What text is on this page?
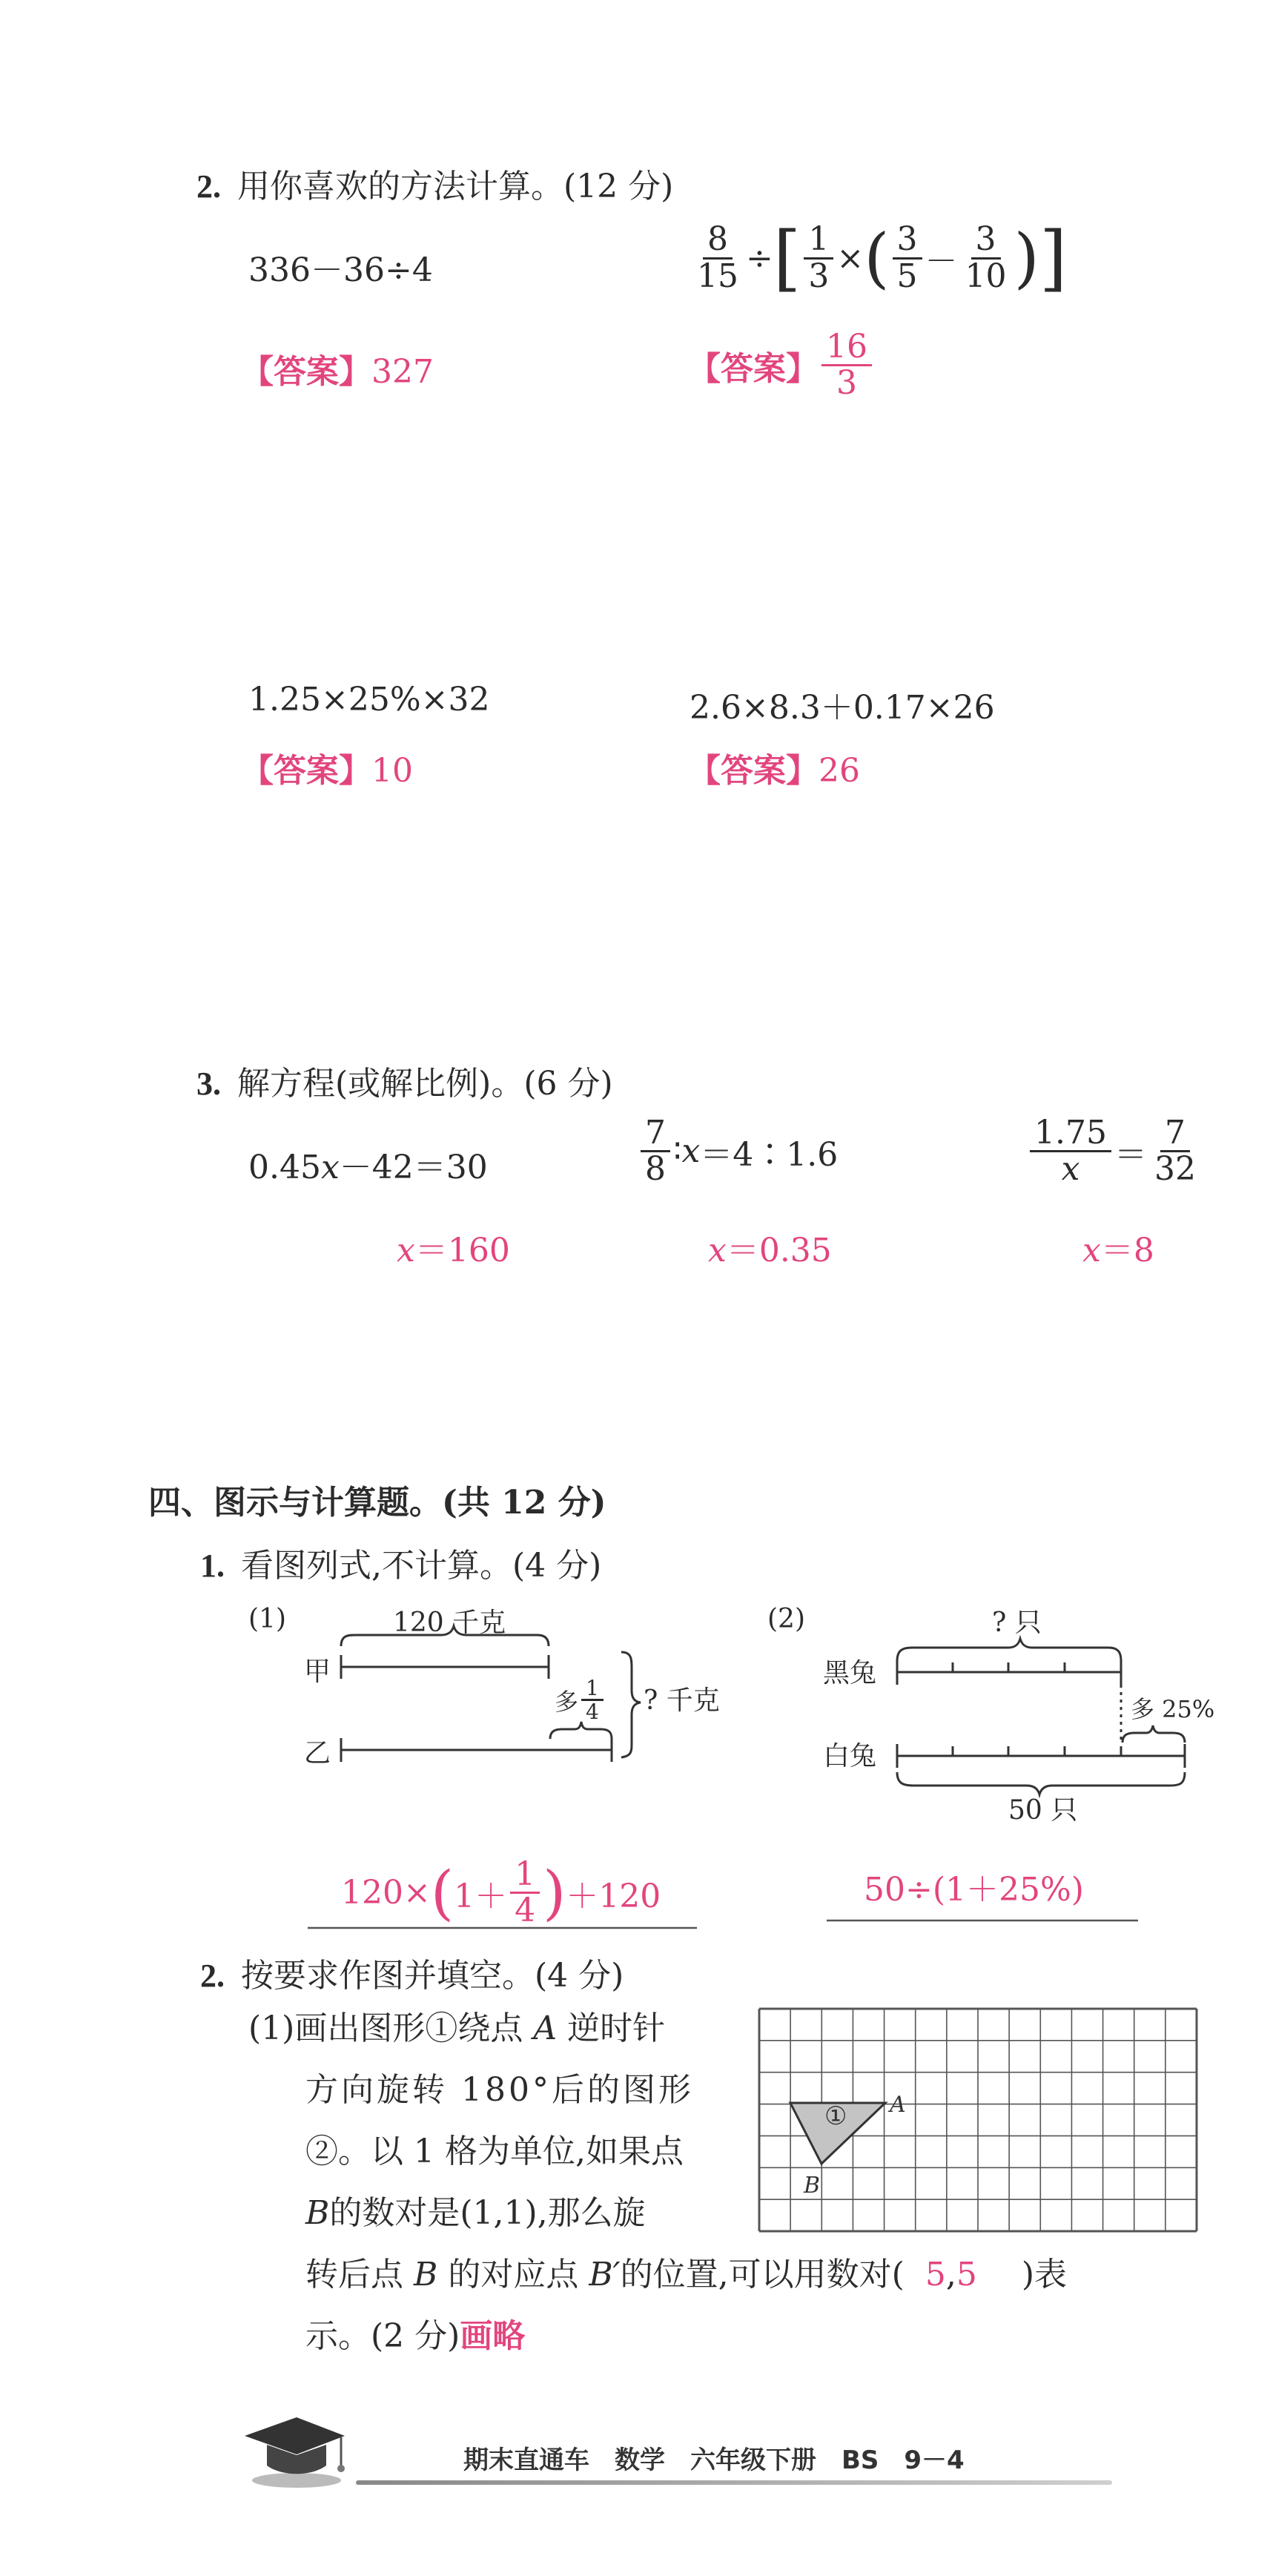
2. 用你喜欢的方法计算。(12 分)
336－36÷4
【答案】327
$\frac{8}{15}$ ÷ [ $\frac{1}{3}$ × ( $\frac{3}{5} - \frac{3}{10}$ ) ]
【答案】 $\frac{16}{3}$
1.25×25%×32
【答案】10
2.6×8.3＋0.17×26
【答案】26
3. 解方程(或解比例)。(6 分)
0.45x－42＝30
x＝160
$\frac{7}{8}$ ∶ x ＝4∶1.6
x＝0.35
$\frac{1.75}{x} = \frac{7}{32}$
x＝8
四、图示与计算题。(共 12 分)
1. 看图列式,不计算。(4 分)
(1)	120 千克
甲
乙
多 $\frac{1}{4}$ ? 千克
120× ( $1+ \frac{1}{4}$ ) ＋120
(2)	? 只
黑兔
白兔
多 25%
50 只
50÷(1＋25%)
2. 按要求作图并填空。(4 分)
(1)画出图形①绕点 A 逆时针
方向旋转 180°后的图形
②。以 1 格为单位,如果点
B的数对是(1,1),那么旋
转后点 B 的对应点 B′的位置,可以用数对( 5,5 )表
示。(2 分)画略
① A
B
期末直通车　数学　六年级下册　BS　9－4
